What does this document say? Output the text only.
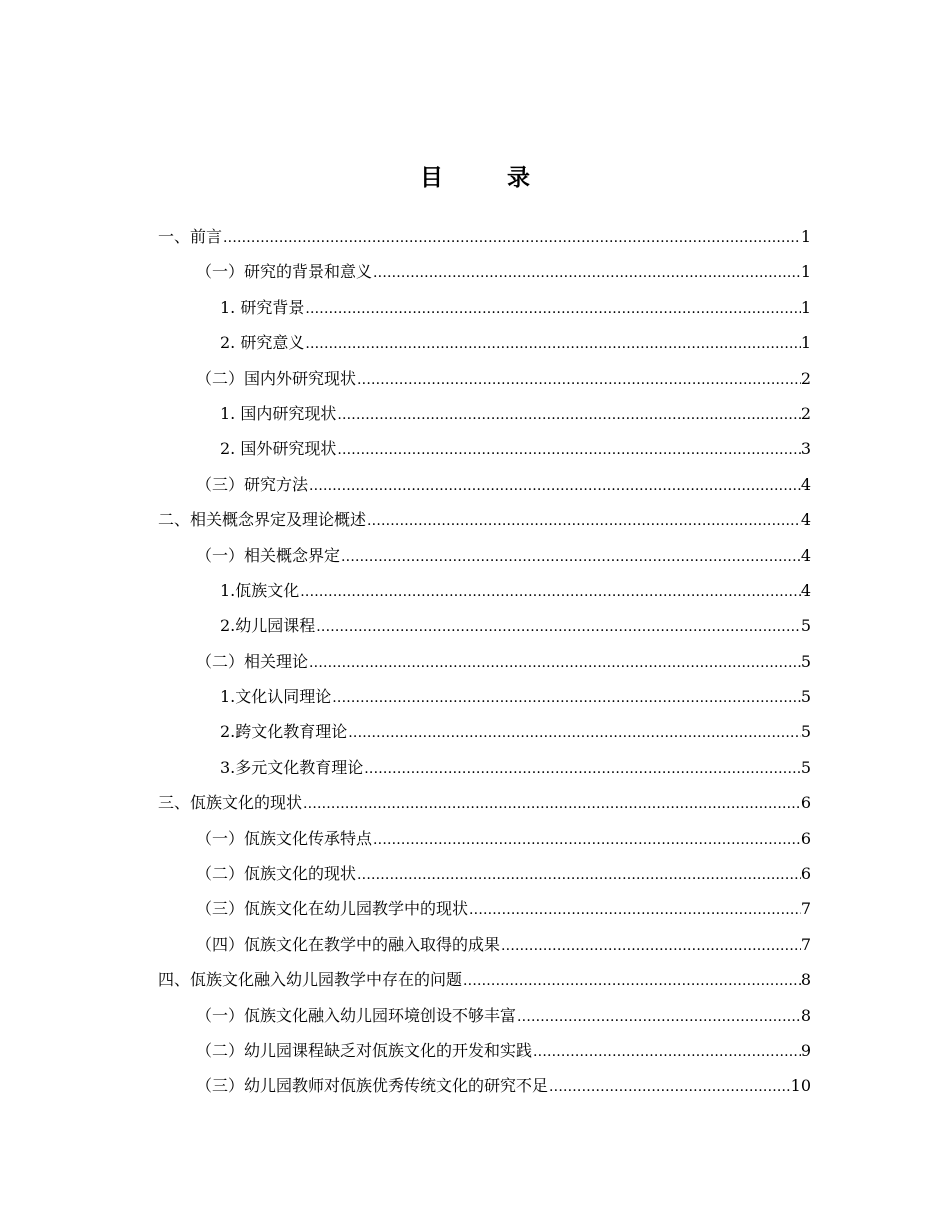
目 录
一、前言 .....	1
（一）研究的背景和意义 .....	1
1. 研究背景 .....	1
2. 研究意义 .....	1
（二）国内外研究现状 .....	2
1. 国内研究现状 .....	2
2. 国外研究现状 .....	3
（三）研究方法 .....	4
二、相关概念界定及理论概述 .....	4
（一）相关概念界定 .....	4
1.佤族文化 .....	4
2.幼儿园课程 .....	5
（二）相关理论 .....	5
1.文化认同理论 .....	5
2.跨文化教育理论 .....	5
3.多元文化教育理论 .....	5
三、佤族文化的现状 .....	6
（一）佤族文化传承特点 .....	6
（二）佤族文化的现状 .....	6
（三）佤族文化在幼儿园教学中的现状 .....	7
（四）佤族文化在教学中的融入取得的成果 .....	7
四、佤族文化融入幼儿园教学中存在的问题 .....	8
（一）佤族文化融入幼儿园环境创设不够丰富 .....	8
（二）幼儿园课程缺乏对佤族文化的开发和实践 .....	9
（三）幼儿园教师对佤族优秀传统文化的研究不足 .....	10
